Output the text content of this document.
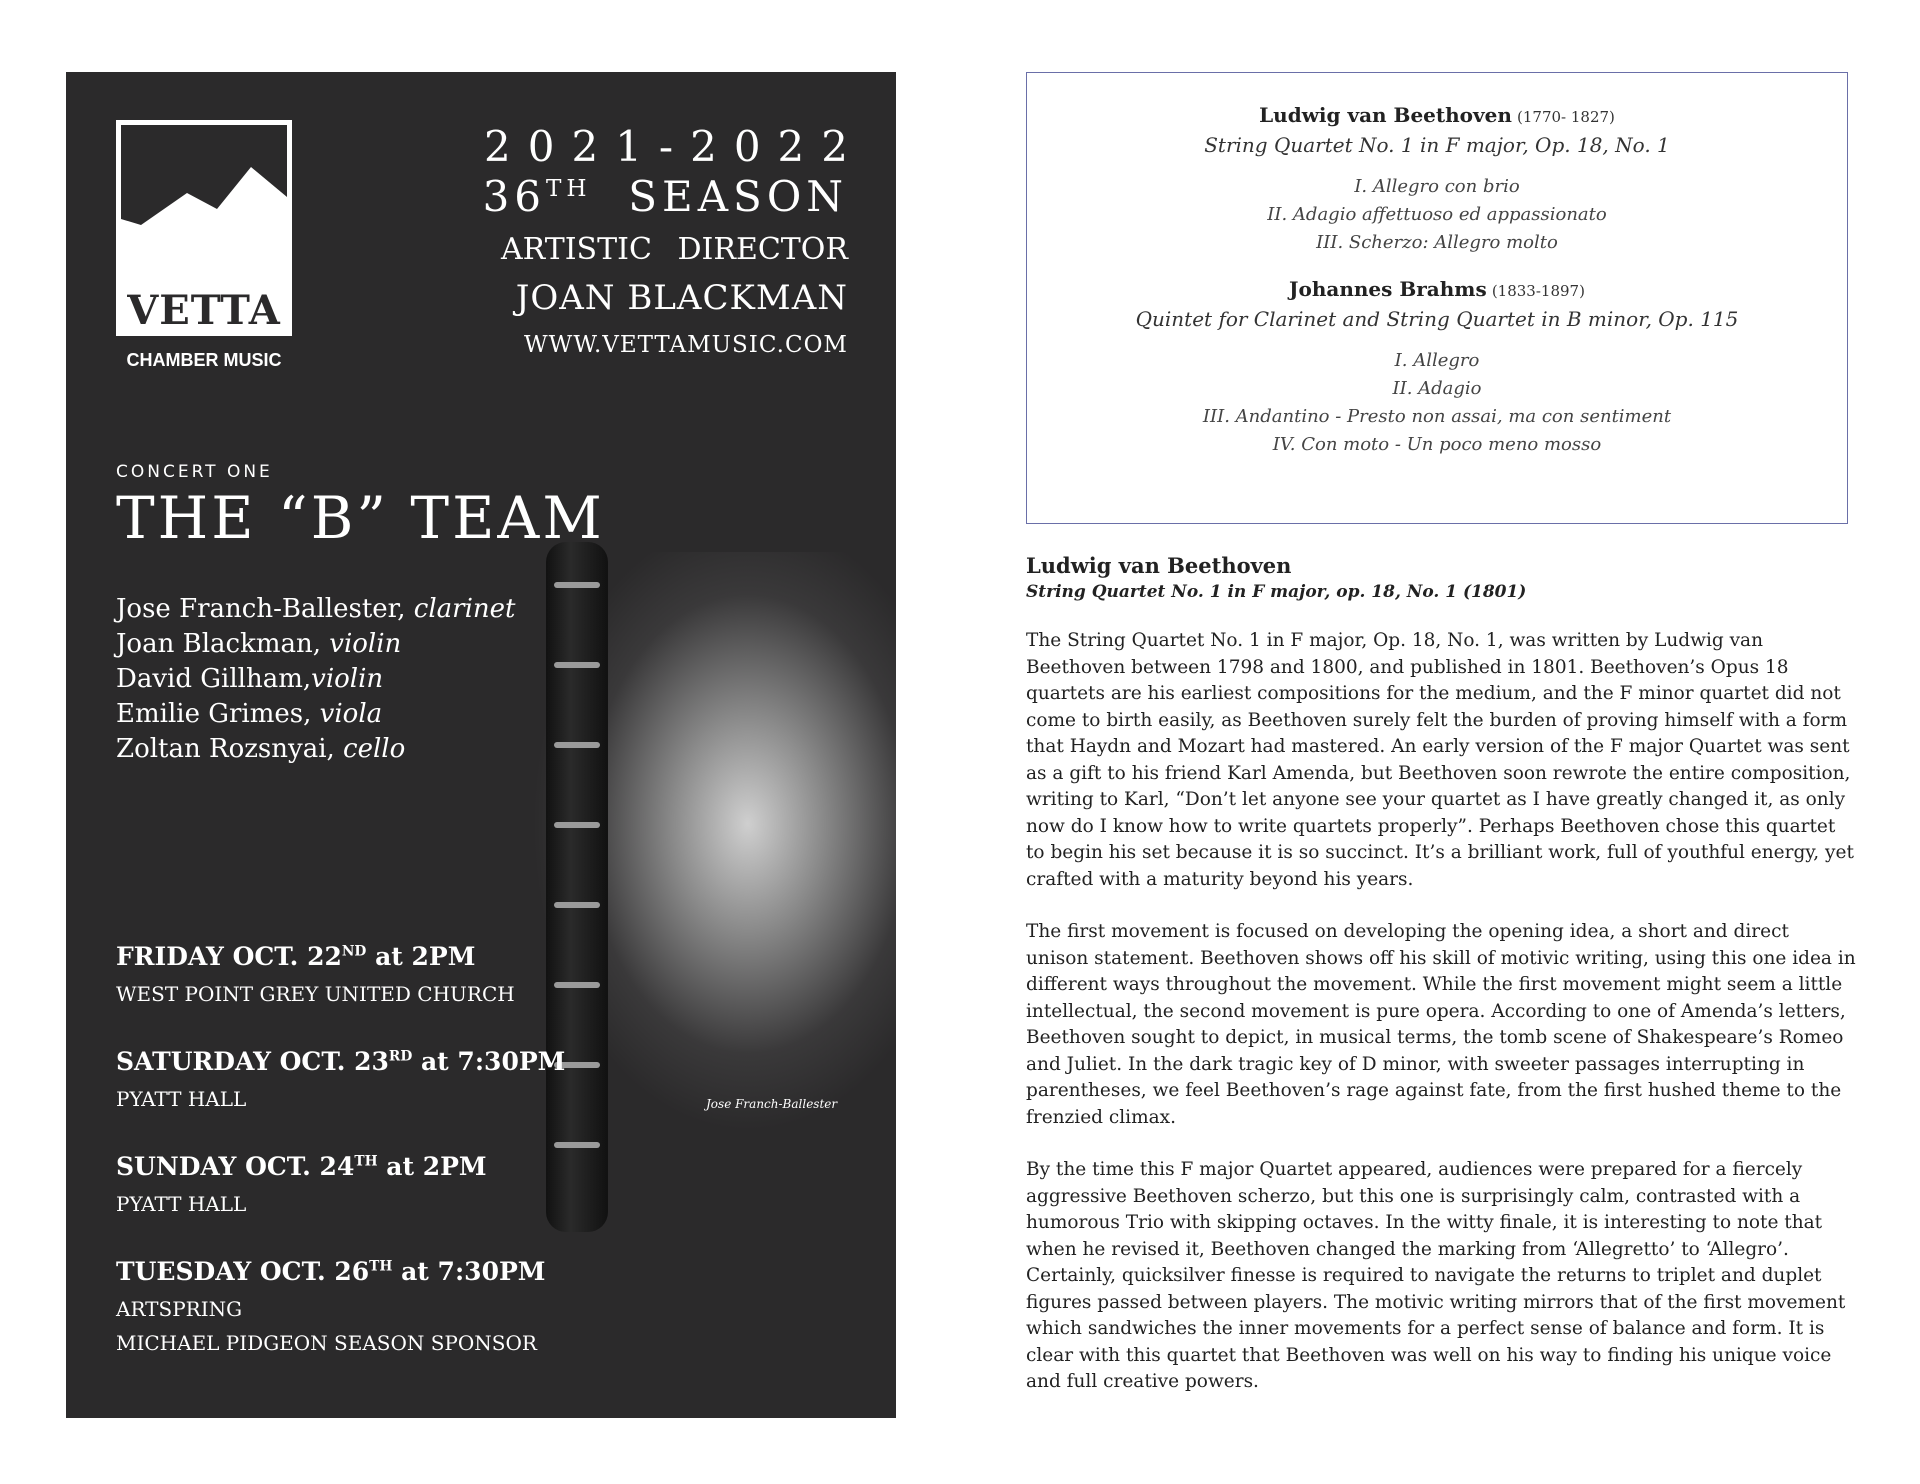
VETTA
CHAMBER MUSIC
2021-2022
36TH SEASON
ARTISTIC DIRECTOR
JOAN BLACKMAN
WWW.VETTAMUSIC.COM
CONCERT ONE
THE “B” TEAM
Jose Franch-Ballester, clarinet
Joan Blackman, violin
David Gillham,violin
Emilie Grimes, viola
Zoltan Rozsnyai, cello
FRIDAY OCT. 22ND at 2PM
WEST POINT GREY UNITED CHURCH
SATURDAY OCT. 23RD at 7:30PM
PYATT HALL
SUNDAY OCT. 24TH at 2PM
PYATT HALL
TUESDAY OCT. 26TH at 7:30PM
ARTSPRING
MICHAEL PIDGEON SEASON SPONSOR
Jose Franch-Ballester
Ludwig van Beethoven (1770- 1827)
String Quartet No. 1 in F major, Op. 18, No. 1
I. Allegro con brio
II. Adagio affettuoso ed appassionato
III. Scherzo: Allegro molto
Johannes Brahms (1833-1897)
Quintet for Clarinet and String Quartet in B minor, Op. 115
I. Allegro
II. Adagio
III. Andantino - Presto non assai, ma con sentiment
IV. Con moto - Un poco meno mosso
Ludwig van Beethoven
String Quartet No. 1 in F major, op. 18, No. 1 (1801)

The String Quartet No. 1 in F major, Op. 18, No. 1, was written by Ludwig van Beethoven between 1798 and 1800, and published in 1801. Beethoven’s Opus 18 quartets are his earliest compositions for the medium, and the F minor quartet did not come to birth easily, as Beethoven surely felt the burden of proving himself with a form that Haydn and Mozart had mastered. An early version of the F major Quartet was sent as a gift to his friend Karl Amenda, but Beethoven soon rewrote the entire composition, writing to Karl, “Don’t let anyone see your quartet as I have greatly changed it, as only now do I know how to write quartets properly”. Perhaps Beethoven chose this quartet to begin his set because it is so succinct. It’s a brilliant work, full of youthful energy, yet crafted with a maturity beyond his years.

The first movement is focused on developing the opening idea, a short and direct unison statement. Beethoven shows off his skill of motivic writing, using this one idea in different ways throughout the movement. While the first movement might seem a little intellectual, the second movement is pure opera. According to one of Amenda’s letters, Beethoven sought to depict, in musical terms, the tomb scene of Shakespeare’s Romeo and Juliet. In the dark tragic key of D minor, with sweeter passages interrupting in parentheses, we feel Beethoven’s rage against fate, from the first hushed theme to the frenzied climax.

By the time this F major Quartet appeared, audiences were prepared for a fiercely aggressive Beethoven scherzo, but this one is surprisingly calm, contrasted with a humorous Trio with skipping octaves. In the witty finale, it is interesting to note that when he revised it, Beethoven changed the marking from ‘Allegretto’ to ‘Allegro’. Certainly, quicksilver finesse is required to navigate the returns to triplet and duplet figures passed between players. The motivic writing mirrors that of the first movement which sandwiches the inner movements for a perfect sense of balance and form. It is clear with this quartet that Beethoven was well on his way to finding his unique voice and full creative powers.
